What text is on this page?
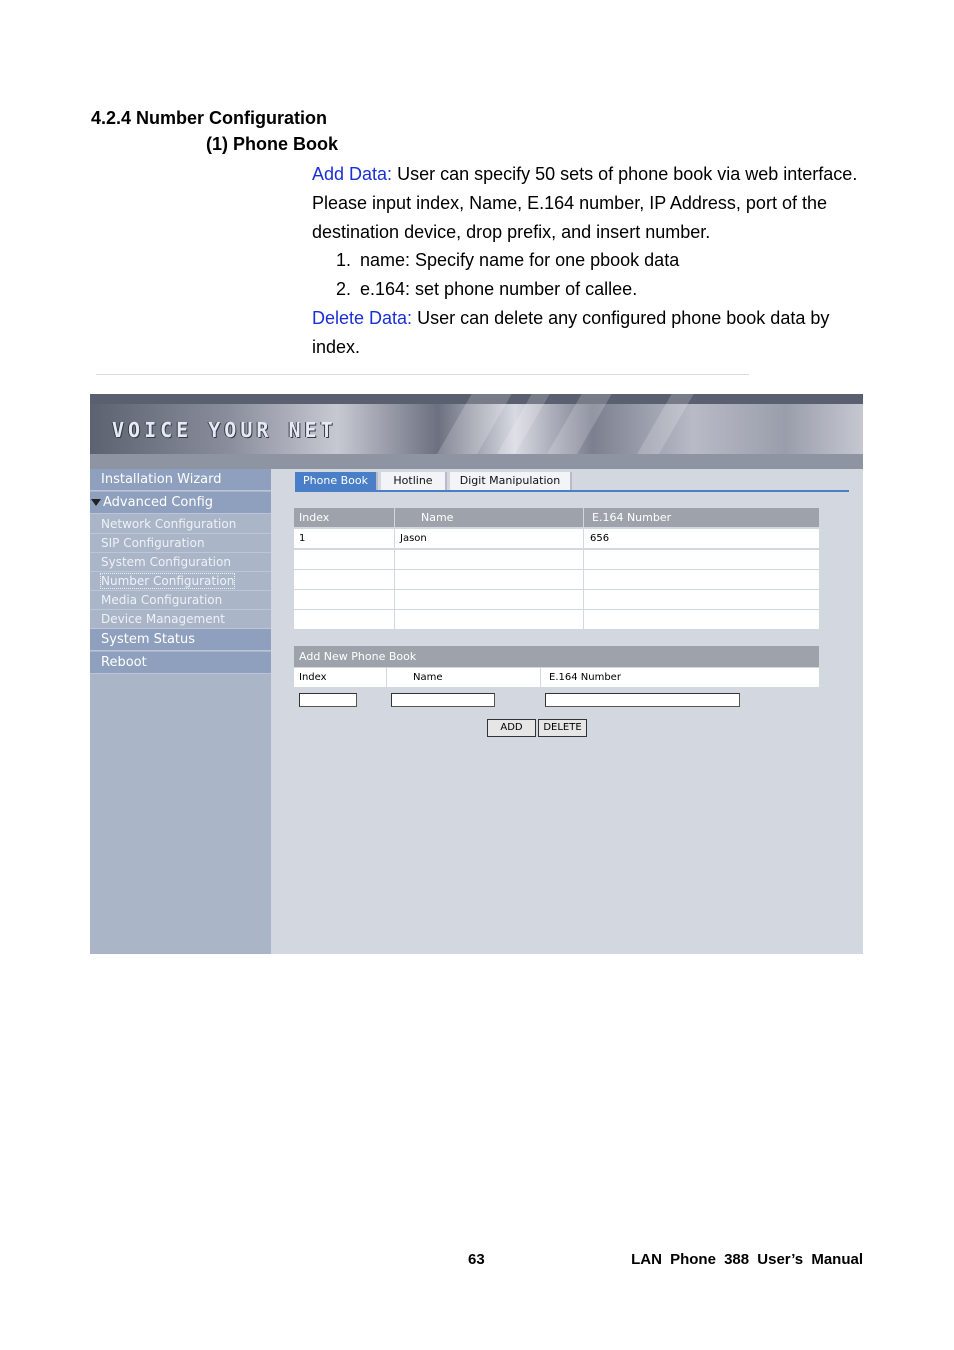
4.2.4 Number Configuration
(1) Phone Book
Add Data: User can specify 50 sets of phone book via web interface. Please input index, Name, E.164 number, IP Address, port of the destination device, drop prefix, and insert number.
1. name: Specify name for one pbook data
2. e.164: set phone number of callee.
Delete Data: User can delete any configured phone book data by index.
VOICE YOUR NET
Installation Wizard
Advanced Config
Network Configuration
SIP Configuration
System Configuration
Number Configuration
Media Configuration
Device Management
System Status
Reboot
Phone Book	Hotline	Digit Manipulation
Index	Name	E.164 Number
1	Jason	656
Add New Phone Book
Index	Name	E.164 Number
ADD	DELETE
63	LAN Phone 388 User’s Manual
